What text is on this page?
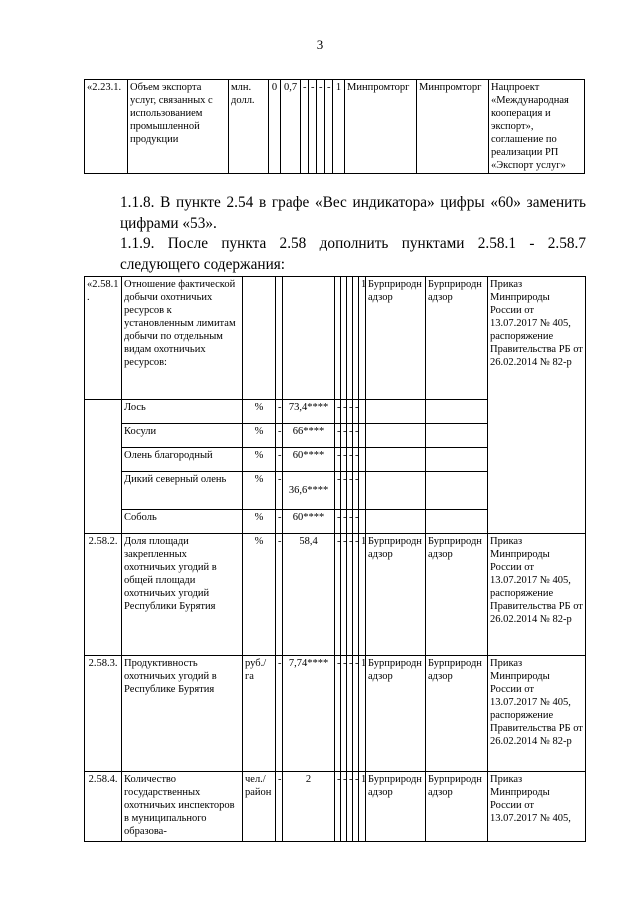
3
«2.23.1.	Объем экспорта услуг, связанных с использованием промышленной продукции	млн. долл.	0	0,7	-	-	-	-	1	Минпромторг	Минпромторг	Нацпроект «Международная кооперация и экспорт», соглашение по реализации РП «Экспорт услуг»
1.1.8. В пункте 2.54 в графе «Вес индикатора» цифры «60» заменить цифрами «53».
1.1.9. После пункта 2.58 дополнить пунктами 2.58.1 - 2.58.7 следующего содержания:
«2.58.1.	Отношение фактической добычи охотничьих ресурсов к установленным лимитам добычи по отдельным видам охотничьих ресурсов:								1	Бурприроднадзор	Бурприроднадзор	Приказ Минприроды России от 13.07.2017 № 405, распоряжение Правительства РБ от 26.02.2014 № 82-р
	Лось	%	-	73,4****	-	-	-	-				
	Косули	%	-	66****	-	-	-	-				
	Олень благородный	%	-	60****	-	-	-	-				
	Дикий северный олень	%	-	36,6****	-	-	-	-				
	Соболь	%	-	60****	-	-	-	-				
2.58.2.	Доля площади закрепленных охотничьих угодий в общей площади охотничьих угодий Республики Бурятия	%	-	58,4	-	-	-	-	1	Бурприроднадзор	Бурприроднадзор	Приказ Минприроды России от 13.07.2017 № 405, распоряжение Правительства РБ от 26.02.2014 № 82-р
2.58.3.	Продуктивность охотничьих угодий в Республике Бурятия	руб./га	-	7,74****	-	-	-	-	1	Бурприроднадзор	Бурприроднадзор	Приказ Минприроды России от 13.07.2017 № 405, распоряжение Правительства РБ от 26.02.2014 № 82-р
2.58.4.	Количество государственных охотничьих инспекторов в муниципального образова-	чел./район	-	2	-	-	-	-	1	Бурприроднадзор	Бурприроднадзор	Приказ Минприроды России от 13.07.2017 № 405,
